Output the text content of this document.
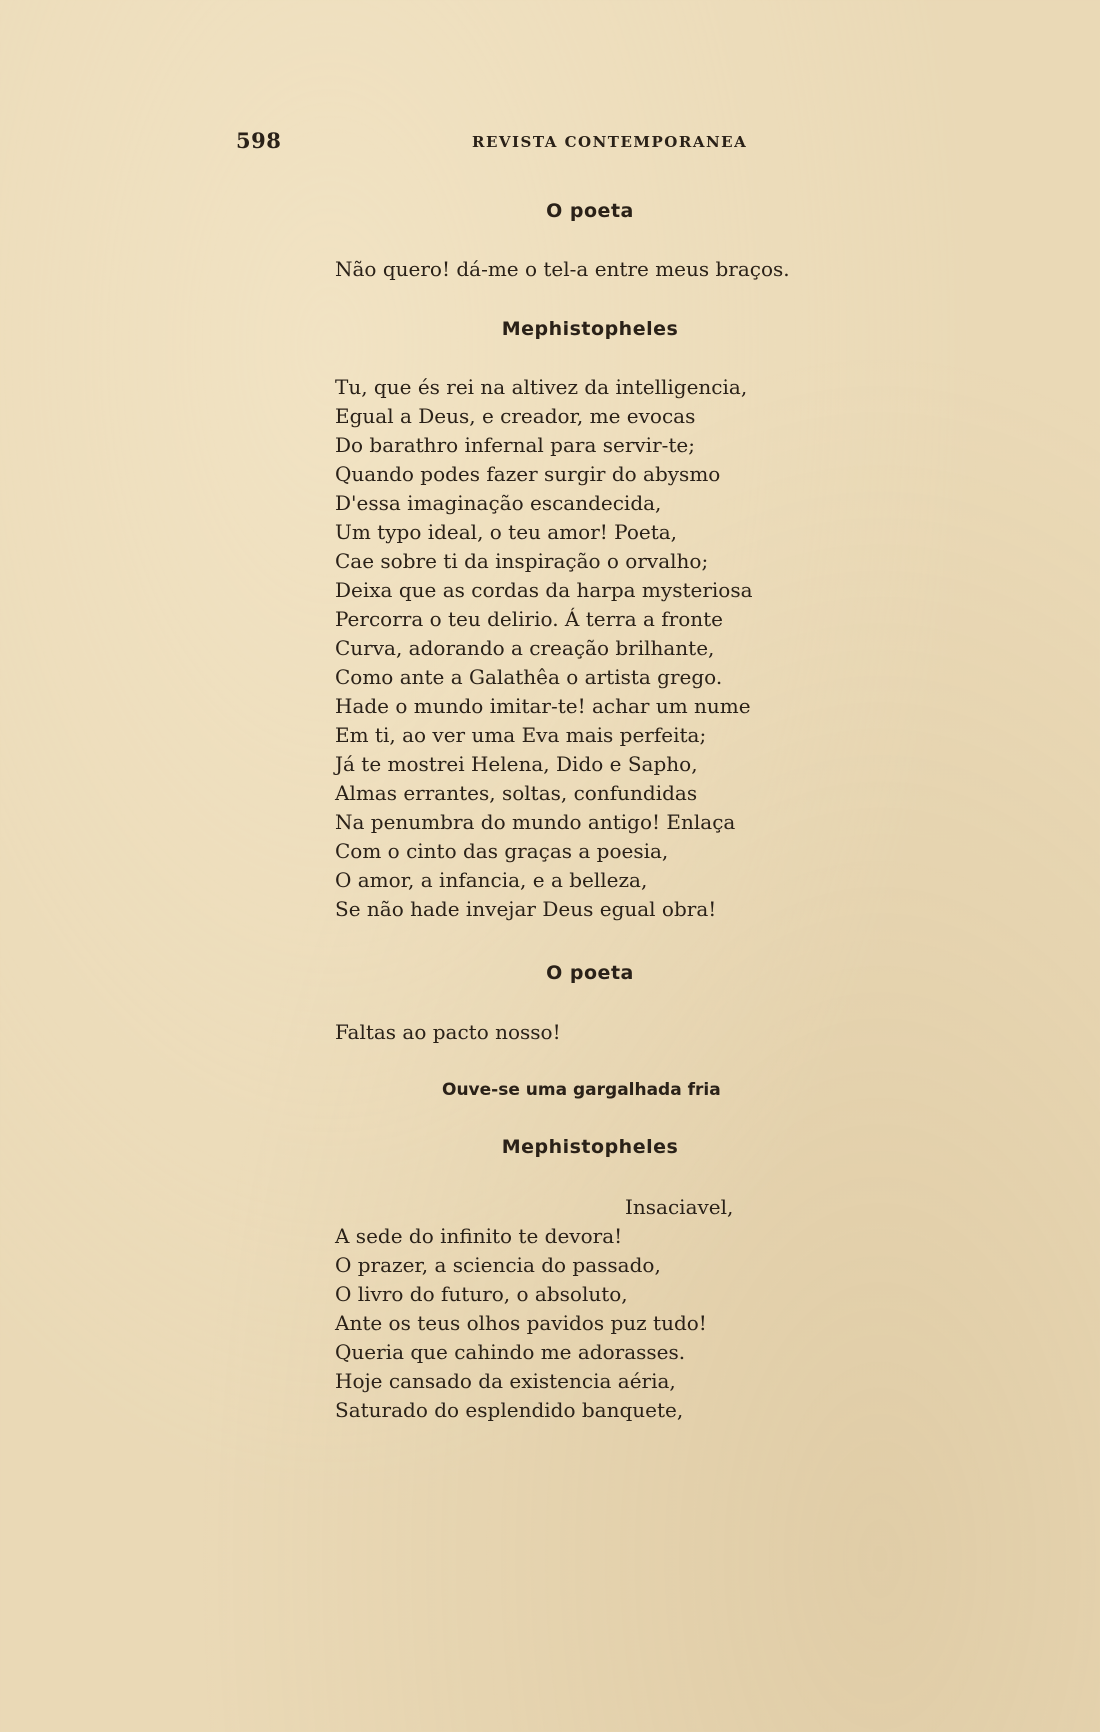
598	REVISTA CONTEMPORANEA
O poeta
Não quero! dá-me o tel-a entre meus braços.
Mephistopheles
Tu, que és rei na altivez da intelligencia,
Egual a Deus, e creador, me evocas
Do barathro infernal para servir-te;
Quando podes fazer surgir do abysmo
D'essa imaginação escandecida,
Um typo ideal, o teu amor! Poeta,
Cae sobre ti da inspiração o orvalho;
Deixa que as cordas da harpa mysteriosa
Percorra o teu delirio. Á terra a fronte
Curva, adorando a creação brilhante,
Como ante a Galathêa o artista grego.
Hade o mundo imitar-te! achar um nume
Em ti, ao ver uma Eva mais perfeita;
Já te mostrei Helena, Dido e Sapho,
Almas errantes, soltas, confundidas
Na penumbra do mundo antigo! Enlaça
Com o cinto das graças a poesia,
O amor, a infancia, e a belleza,
Se não hade invejar Deus egual obra!
O poeta
Faltas ao pacto nosso!
Ouve-se uma gargalhada fria
Mephistopheles
Insaciavel,
A sede do infinito te devora!
O prazer, a sciencia do passado,
O livro do futuro, o absoluto,
Ante os teus olhos pavidos puz tudo!
Queria que cahindo me adorasses.
Hoje cansado da existencia aéria,
Saturado do esplendido banquete,
